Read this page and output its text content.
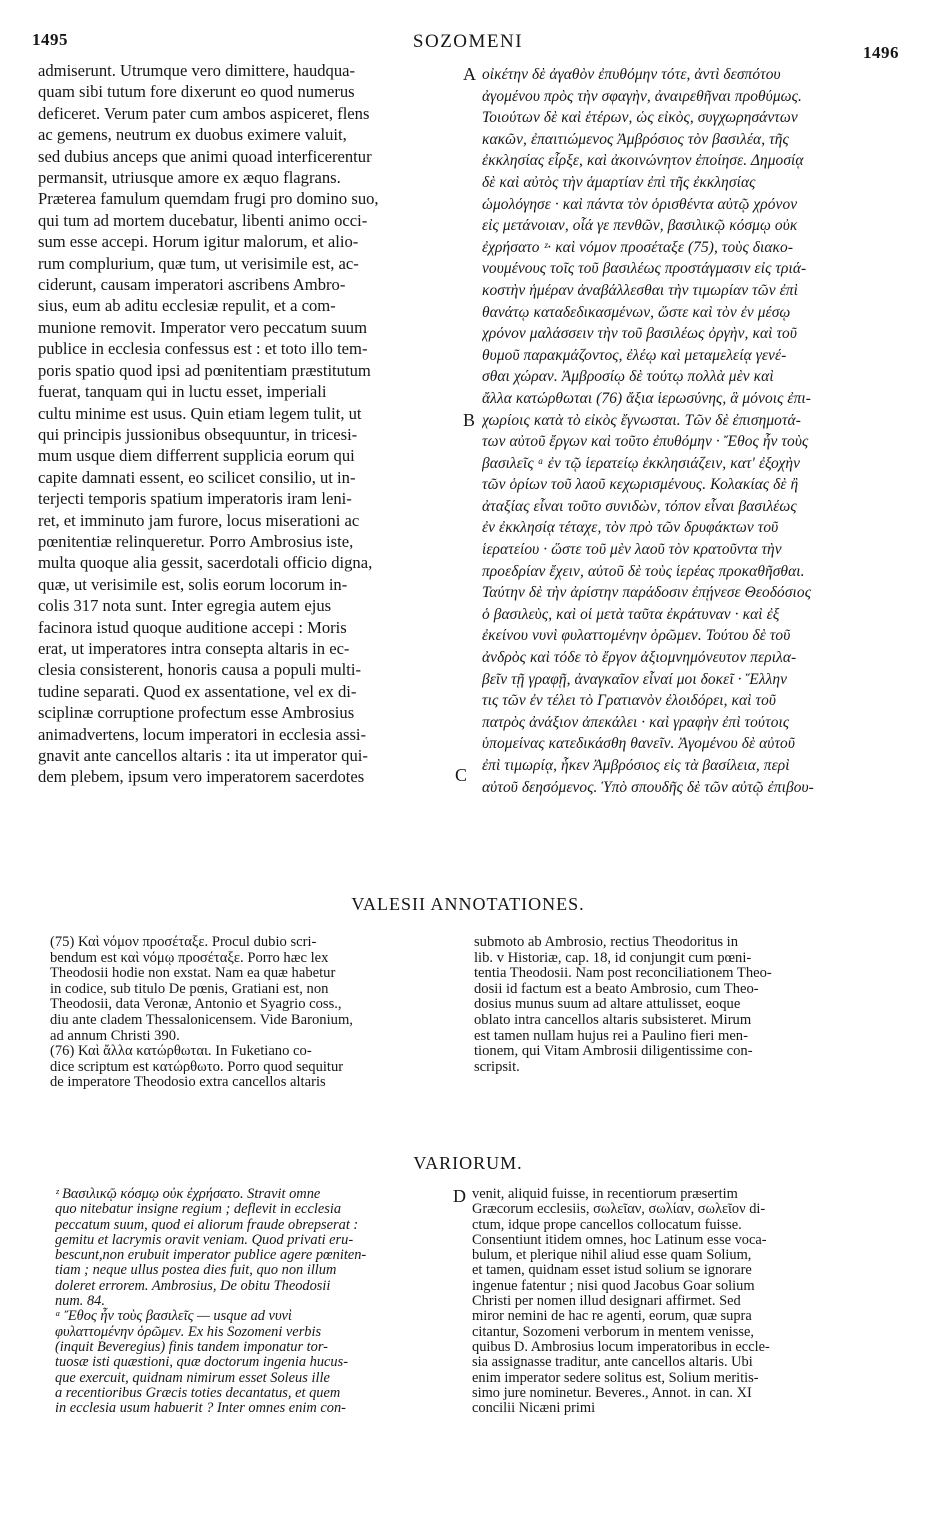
1495	SOZOMENI
1496
admiserunt. Utrumque vero dimittere, haudqua-
quam sibi tutum fore dixerunt eo quod numerus
deficeret. Verum pater cum ambos aspiceret, flens
ac gemens, neutrum ex duobus eximere valuit,
sed dubius anceps que animi quoad interficerentur
permansit, utriusque amore ex æquo flagrans.
Præterea famulum quemdam frugi pro domino suo,
qui tum ad mortem ducebatur, libenti animo occi-
sum esse accepi. Horum igitur malorum, et alio-
rum complurium, quæ tum, ut verisimile est, ac-
ciderunt, causam imperatori ascribens Ambro-
sius, eum ab aditu ecclesiæ repulit, et a com-
munione removit. Imperator vero peccatum suum
publice in ecclesia confessus est : et toto illo tem-
poris spatio quod ipsi ad pœnitentiam præstitutum
fuerat, tanquam qui in luctu esset, imperiali
cultu minime est usus. Quin etiam legem tulit, ut
qui principis jussionibus obsequuntur, in tricesi-
mum usque diem differrent supplicia eorum qui
capite damnati essent, eo scilicet consilio, ut in-
terjecti temporis spatium imperatoris iram leni-
ret, et imminuto jam furore, locus miserationi ac
pœnitentiæ relinqueretur. Porro Ambrosius iste,
multa quoque alia gessit, sacerdotali officio digna,
quæ, ut verisimile est, solis eorum locorum in-
colis 317 nota sunt. Inter egregia autem ejus
facinora istud quoque auditione accepi : Moris
erat, ut imperatores intra consepta altaris in ec-
clesia consisterent, honoris causa a populi multi-
tudine separati. Quod ex assentatione, vel ex di-
sciplinæ corruptione profectum esse Ambrosius
animadvertens, locum imperatori in ecclesia assi-
gnavit ante cancellos altaris : ita ut imperator qui-
dem plebem, ipsum vero imperatorem sacerdotes
A
B
C
D
οἰκέτην δὲ ἀγαθὸν ἐπυθόμην τότε, ἀντὶ δεσπότου
ἀγομένου πρὸς τὴν σφαγὴν, ἀναιρεθῆναι προθύμως.
Τοιούτων δὲ καὶ ἑτέρων, ὡς εἰκὸς, συγχωρησάντων
κακῶν, ἐπαιτιώμενος Ἀμβρόσιος τὸν βασιλέα, τῆς
ἐκκλησίας εἶρξε, καὶ ἀκοινώνητον ἐποίησε. Δημοσίᾳ
δὲ καὶ αὐτὸς τὴν ἁμαρτίαν ἐπὶ τῆς ἐκκλησίας
ὡμολόγησε · καὶ πάντα τὸν ὁρισθέντα αὐτῷ χρόνον
εἰς μετάνοιαν, οἷά γε πενθῶν, βασιλικῷ κόσμῳ οὐκ
ἐχρήσατο ᶻ· καὶ νόμον προσέταξε (75), τοὺς διακο-
νουμένους τοῖς τοῦ βασιλέως προστάγμασιν εἰς τριά-
κοστὴν ἡμέραν ἀναβάλλεσθαι τὴν τιμωρίαν τῶν ἐπὶ
θανάτῳ καταδεδικασμένων, ὥστε καὶ τὸν ἐν μέσῳ
χρόνον μαλάσσειν τὴν τοῦ βασιλέως ὀργὴν, καὶ τοῦ
θυμοῦ παρακμάζοντος, ἐλέῳ καὶ μεταμελείᾳ γενέ-
σθαι χώραν. Ἀμβροσίῳ δὲ τούτῳ πολλὰ μὲν καὶ
ἄλλα κατώρθωται (76) ἄξια ἱερωσύνης, ἃ μόνοις ἐπι-
χωρίοις κατὰ τὸ εἰκὸς ἔγνωσται. Τῶν δὲ ἐπισημοτά-
των αὐτοῦ ἔργων καὶ τοῦτο ἐπυθόμην · Ἔθος ἦν τοὺς
βασιλεῖς ᵃ ἐν τῷ ἱερατείῳ ἐκκλησιάζειν, κατ' ἐξοχὴν
τῶν ὁρίων τοῦ λαοῦ κεχωρισμένους. Κολακίας δὲ ἢ
ἀταξίας εἶναι τοῦτο συνιδὼν, τόπον εἶναι βασιλέως
ἐν ἐκκλησίᾳ τέταχε, τὸν πρὸ τῶν δρυφάκτων τοῦ
ἱερατείου · ὥστε τοῦ μὲν λαοῦ τὸν κρατοῦντα τὴν
προεδρίαν ἔχειν, αὐτοῦ δὲ τοὺς ἱερέας προκαθῆσθαι.
Ταύτην δὲ τὴν ἀρίστην παράδοσιν ἐπῄνεσε Θεοδόσιος
ὁ βασιλεὺς, καὶ οἱ μετὰ ταῦτα ἐκράτυναν · καὶ ἐξ
ἐκείνου νυνὶ φυλαττομένην ὁρῶμεν. Τούτου δὲ τοῦ
ἀνδρὸς καὶ τόδε τὸ ἔργον ἀξιομνημόνευτον περιλα-
βεῖν τῇ γραφῇ, ἀναγκαῖον εἶναί μοι δοκεῖ · Ἕλλην
τις τῶν ἐν τέλει τὸ Γρατιανὸν ἐλοιδόρει, καὶ τοῦ
πατρὸς ἀνάξιον ἀπεκάλει · καὶ γραφὴν ἐπὶ τούτοις
ὑπομείνας κατεδικάσθη θανεῖν. Ἀγομένου δὲ αὐτοῦ
ἐπὶ τιμωρίᾳ, ἧκεν Ἀμβρόσιος εἰς τὰ βασίλεια, περὶ
αὐτοῦ δεησόμενος. Ὑπὸ σπουδῆς δὲ τῶν αὐτῷ ἐπιβου-
VALESII ANNOTATIONES.
(75) Καὶ νόμον προσέταξε. Procul dubio scri-
bendum est καὶ νόμῳ προσέταξε. Porro hæc lex
Theodosii hodie non exstat. Nam ea quæ habetur
in codice, sub titulo De pœnis, Gratiani est, non
Theodosii, data Veronæ, Antonio et Syagrio coss.,
diu ante cladem Thessalonicensem. Vide Baronium,
ad annum Christi 390.
(76) Καὶ ἄλλα κατώρθωται. In Fuketiano co-
dice scriptum est κατώρθωτο. Porro quod sequitur
de imperatore Theodosio extra cancellos altaris
submoto ab Ambrosio, rectius Theodoritus in
lib. v Historiæ, cap. 18, id conjungit cum pœni-
tentia Theodosii. Nam post reconciliationem Theo-
dosii id factum est a beato Ambrosio, cum Theo-
dosius munus suum ad altare attulisset, eoque
oblato intra cancellos altaris subsisteret. Mirum
est tamen nullam hujus rei a Paulino fieri men-
tionem, qui Vitam Ambrosii diligentissime con-
scripsit.
VARIORUM.
ᶻ Βασιλικῷ κόσμῳ οὐκ ἐχρήσατο. Stravit omne
quo nitebatur insigne regium ; deflevit in ecclesia
peccatum suum, quod ei aliorum fraude obrepserat :
gemitu et lacrymis oravit veniam. Quod privati eru-
bescunt,non erubuit imperator publice agere pœniten-
tiam ; neque ullus postea dies fuit, quo non illum
doleret errorem. Ambrosius, De obitu Theodosii
num. 84.
ᵃ Ἔθος ἦν τοὺς βασιλεῖς — usque ad νυνὶ
φυλαττομένην ὁρῶμεν. Ex his Sozomeni verbis
(inquit Beveregius) finis tandem imponatur tor-
tuosæ isti quæstioni, quæ doctorum ingenia hucus-
que exercuit, quidnam nimirum esset Soleus ille
a recentioribus Græcis toties decantatus, et quem
in ecclesia usum habuerit ? Inter omnes enim con-
venit, aliquid fuisse, in recentiorum præsertim
Græcorum ecclesiis, σωλεῖαν, σωλίαν, σωλεῖον di-
ctum, idque prope cancellos collocatum fuisse.
Consentiunt itidem omnes, hoc Latinum esse voca-
bulum, et plerique nihil aliud esse quam Solium,
et tamen, quidnam esset istud solium se ignorare
ingenue fatentur ; nisi quod Jacobus Goar solium
Christi per nomen illud designari affirmet. Sed
miror nemini de hac re agenti, eorum, quæ supra
citantur, Sozomeni verborum in mentem venisse,
quibus D. Ambrosius locum imperatoribus in eccle-
sia assignasse traditur, ante cancellos altaris. Ubi
enim imperator sedere solitus est, Solium meritis-
simo jure nominetur. Beveres., Annot. in can. XI
concilii Nicæni primi
